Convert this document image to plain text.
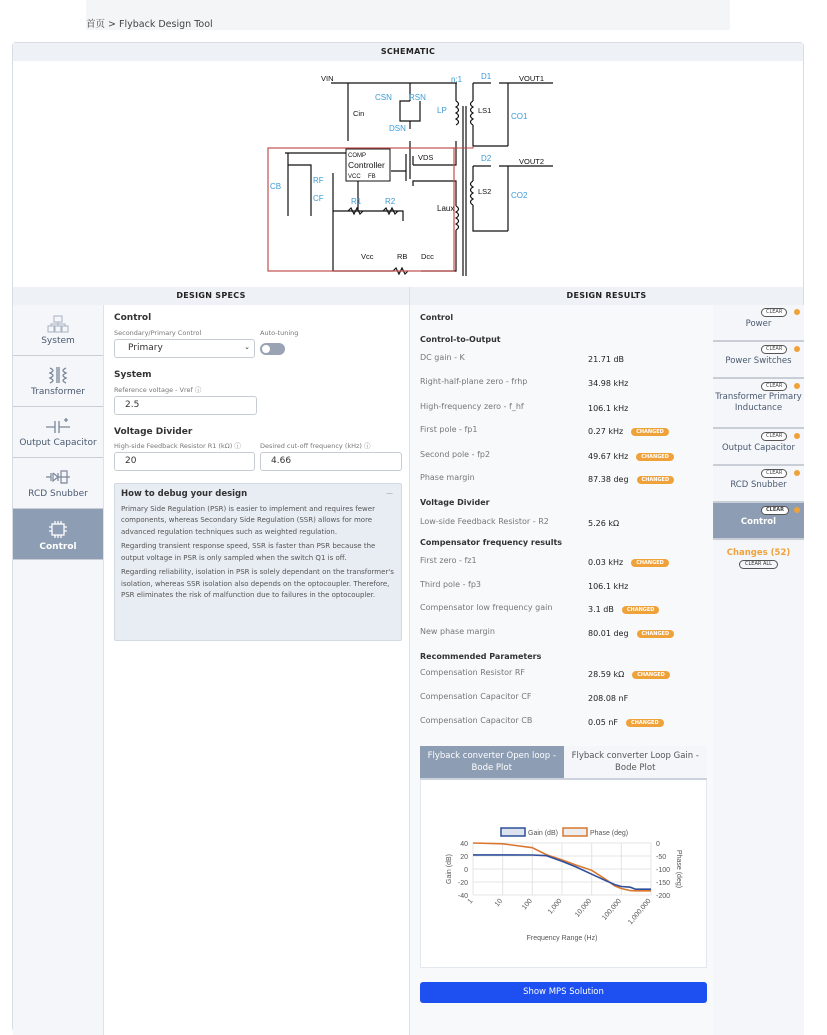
首页 > Flyback Design Tool
SCHEMATIC
CSN RSN
LP
DSN
n:1 D1
CO1
D2
CO2
CB
RF
CF	R1	R2
Laux
VIN
Cin	LS1
VOUT1
LS2
VOUT2
COMP
Controller
VCC FB
VDS
Vcc	RB Dcc
DESIGN SPECS	DESIGN RESULTS
System
Transformer
Output Capacitor
RCD Snubber
Control
Control
Secondary/Primary Control	Auto-tuning
Primary	⌄
System
Reference voltage - Vref ⓘ
2.5
Voltage Divider
High-side Feedback Resistor R1 (kΩ) ⓘ	Desired cut-off frequency (kHz) ⓘ
20	4.66
How to debug your design	—

Primary Side Regulation (PSR) is easier to implement and requires fewer components, whereas Secondary Side Regulation (SSR) allows for more advanced regulation techniques such as weighted regulation.

Regarding transient response speed, SSR is faster than PSR because the output voltage in PSR is only sampled when the switch Q1 is off.

Regarding reliability, isolation in PSR is solely dependant on the transformer's isolation, whereas SSR isolation also depends on the optocoupler. Therefore, PSR eliminates the risk of malfunction due to failures in the optocoupler.

Control
Control-to-Output
DC gain - K	21.71 dB
Right-half-plane zero - frhp	34.98 kHz
High-frequency zero - f_hf	106.1 kHz
First pole - fp1	0.27 kHz	CHANGED
Second pole - fp2	49.67 kHz	CHANGED
Phase margin	87.38 deg	CHANGED
Voltage Divider
Low-side Feedback Resistor - R2	5.26 kΩ
Compensator frequency results
First zero - fz1	0.03 kHz	CHANGED
Third pole - fp3	106.1 kHz
Compensator low frequency gain	3.1 dB	CHANGED
New phase margin	80.01 deg	CHANGED
Recommended Parameters
Compensation Resistor RF	28.59 kΩ	CHANGED
Compensation Capacitor CF	208.08 nF
Compensation Capacitor CB	0.05 nF	CHANGED
Flyback converter Open loop - Bode Plot
Flyback converter Loop Gain - Bode Plot
40	0
20	-50
0	-100
-20	-150
-40	-200
1	10 100 1,000 10,000 100,000 1,000,000
Gain (dB)	Phase (deg)
Gain (dB)	Phase (deg)
Frequency Range (Hz)
Show MPS Solution
CLEAR
Power
CLEAR
Power Switches
CLEAR
Transformer Primary Inductance
CLEAR
Output Capacitor
CLEAR
RCD Snubber
CLEAR
Control
Changes (52)
CLEAR ALL
